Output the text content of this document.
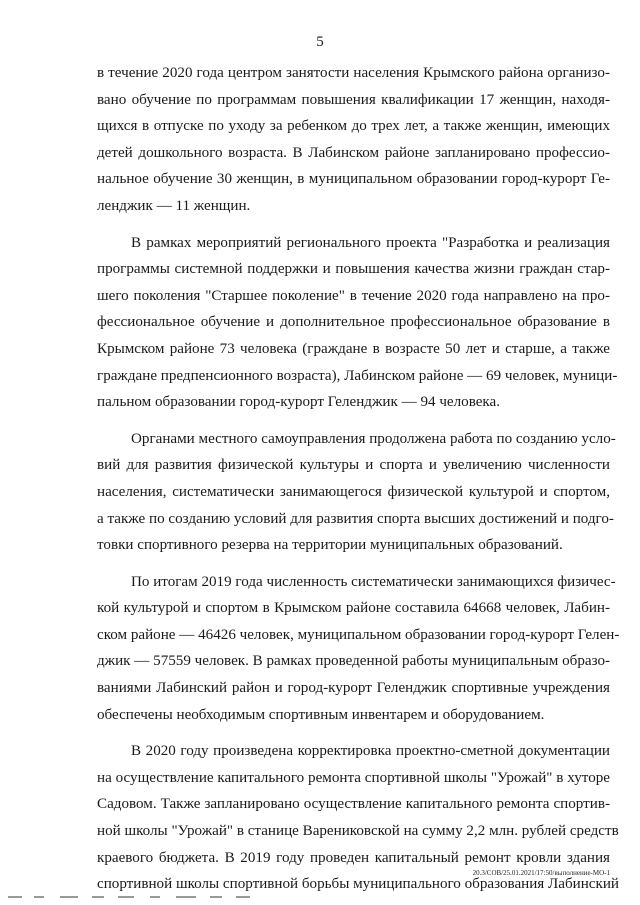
5
в течение 2020 года центром занятости населения Крымского района организо-
вано обучение по программам повышения квалификации 17 женщин, находя-
щихся в отпуске по уходу за ребенком до трех лет, а также женщин, имеющих
детей дошкольного возраста. В Лабинском районе запланировано профессио-
нальное обучение 30 женщин, в муниципальном образовании город-курорт Ге-
ленджик — 11 женщин.
В рамках мероприятий регионального проекта "Разработка и реализация
программы системной поддержки и повышения качества жизни граждан стар-
шего поколения "Старшее поколение" в течение 2020 года направлено на про-
фессиональное обучение и дополнительное профессиональное образование в
Крымском районе 73 человека (граждане в возрасте 50 лет и старше, а также
граждане предпенсионного возраста), Лабинском районе — 69 человек, муници-
пальном образовании город-курорт Геленджик — 94 человека.
Органами местного самоуправления продолжена работа по созданию усло-
вий для развития физической культуры и спорта и увеличению численности
населения, систематически занимающегося физической культурой и спортом,
а также по созданию условий для развития спорта высших достижений и подго-
товки спортивного резерва на территории муниципальных образований.
По итогам 2019 года численность систематически занимающихся физичес-
кой культурой и спортом в Крымском районе составила 64668 человек, Лабин-
ском районе — 46426 человек, муниципальном образовании город-курорт Гелен-
джик — 57559 человек. В рамках проведенной работы муниципальным образо-
ваниями Лабинский район и город-курорт Геленджик спортивные учреждения
обеспечены необходимым спортивным инвентарем и оборудованием.
В 2020 году произведена корректировка проектно-сметной документации
на осуществление капитального ремонта спортивной школы "Урожай" в хуторе
Садовом. Также запланировано осуществление капитального ремонта спортив-
ной школы "Урожай" в станице Варениковской на сумму 2,2 млн. рублей средств
краевого бюджета. В 2019 году проведен капитальный ремонт кровли здания
спортивной школы спортивной борьбы муниципального образования Лабинский
20.3/СОВ/25.01.2021/17:50/выполнение-МО-1
